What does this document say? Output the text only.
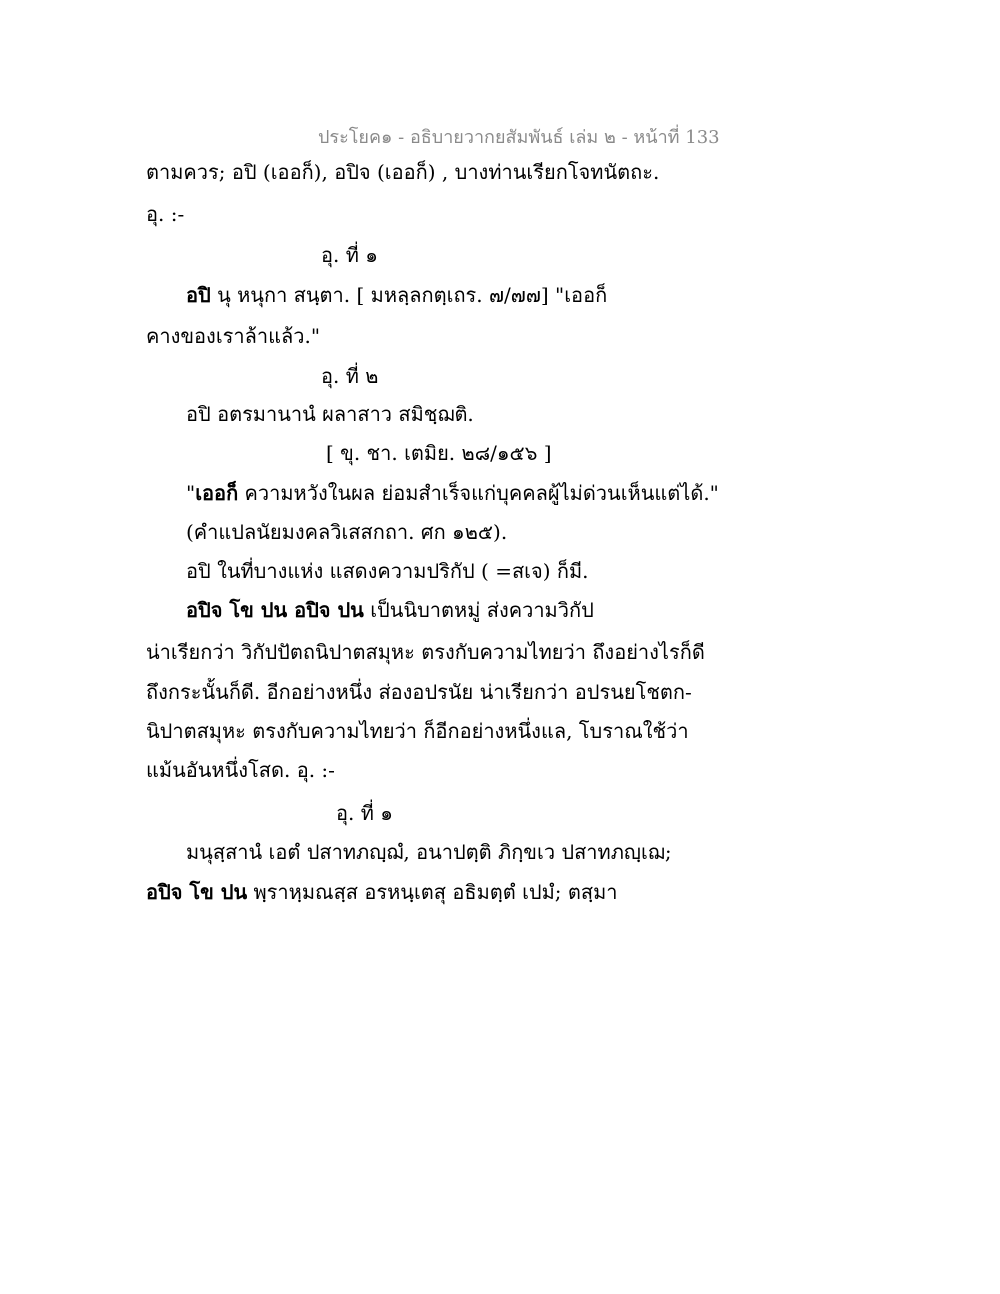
ประโยค๑ - อธิบายวากยสัมพันธ์ เล่ม ๒ - หน้าที่ 133
ตามควร; อปิ (เออก็), อปิจ (เออก็) , บางท่านเรียกโจทนัตถะ.
อุ. :-
อุ. ที่ ๑
อปิ นุ หนุกา สนฺตา. [ มหลฺลกตฺเถร. ๗/๗๗] "เออก็
คางของเราล้าแล้ว."
อุ. ที่ ๒
อปิ อตรมานานํ ผลาสาว สมิชฺฌติ.
[ ขุ. ชา. เตมิย. ๒๘/๑๕๖ ]
"เออก็ ความหวังในผล ย่อมสำเร็จแก่บุคคลผู้ไม่ด่วนเห็นแต่ได้."
(คำแปลนัยมงคลวิเสสกถา. ศก ๑๒๕).
อปิ ในที่บางแห่ง แสดงความปริกัป ( =สเจ) ก็มี.
อปิจ โข ปน อปิจ ปน เป็นนิบาตหมู่ ส่งความวิกัป
น่าเรียกว่า วิกัปปัตถนิปาตสมุหะ ตรงกับความไทยว่า ถึงอย่างไรก็ดี
ถึงกระนั้นก็ดี. อีกอย่างหนึ่ง ส่องอปรนัย น่าเรียกว่า อปรนยโชตก-
นิปาตสมุหะ ตรงกับความไทยว่า ก็อีกอย่างหนึ่งแล, โบราณใช้ว่า
แม้นอันหนึ่งโสด. อุ. :-
อุ. ที่ ๑
มนุสฺสานํ เอตํ ปสาทภญฺฌํ, อนาปตฺติ ภิกฺขเว ปสาทภญฺเฌ;
อปิจ โข ปน พฺราหฺมณสฺส อรหนฺเตสุ อธิมตฺตํ เปมํ; ตสฺมา
